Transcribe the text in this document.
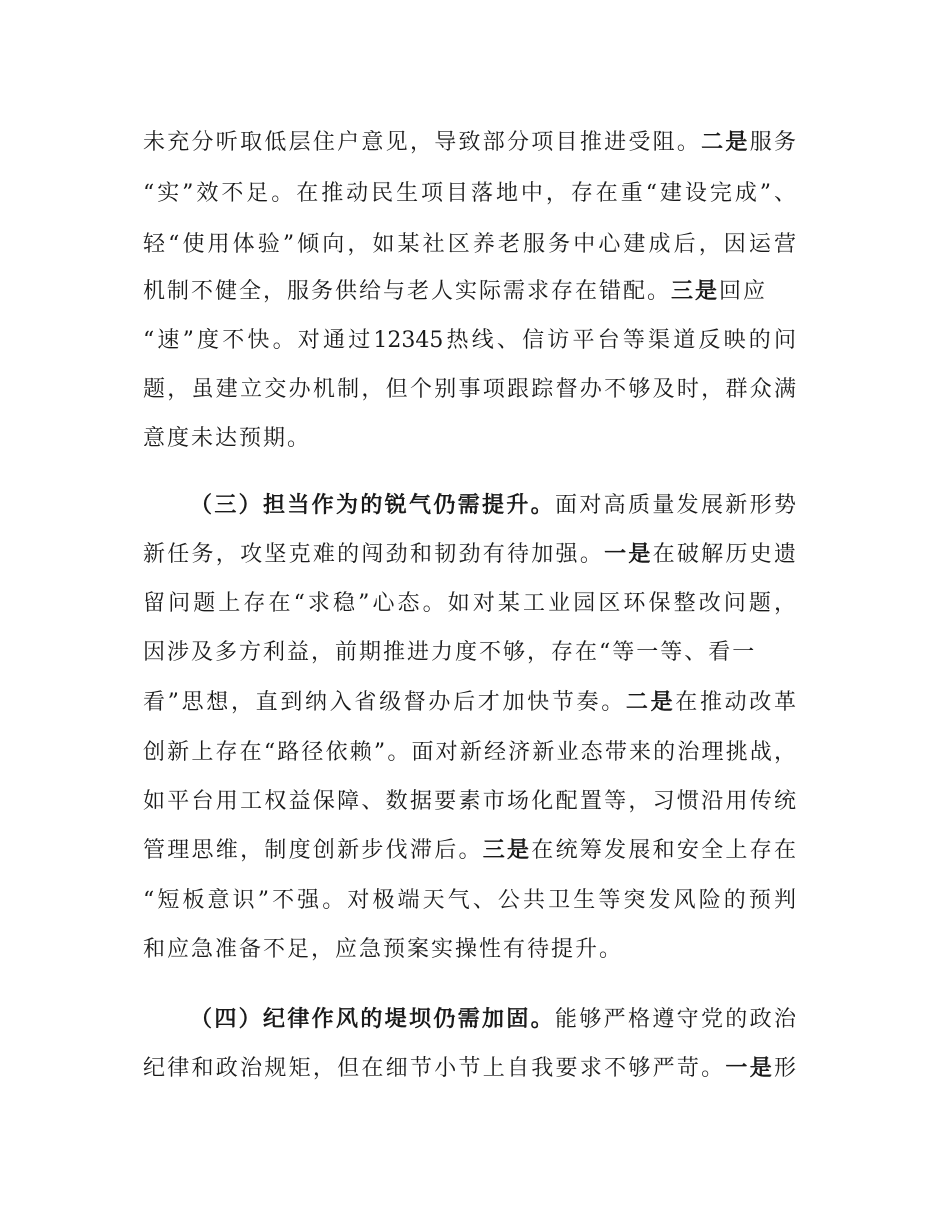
未充分听取低层住户意见，导致部分项目推进受阻。二是服务
“实”效不足。在推动民生项目落地中，存在重“建设完成”、
轻“使用体验”倾向，如某社区养老服务中心建成后，因运营
机制不健全，服务供给与老人实际需求存在错配。三是回应
“速”度不快。对通过12345热线、信访平台等渠道反映的问
题，虽建立交办机制，但个别事项跟踪督办不够及时，群众满
意度未达预期。
（三）担当作为的锐气仍需提升。面对高质量发展新形势
新任务，攻坚克难的闯劲和韧劲有待加强。一是在破解历史遗
留问题上存在“求稳”心态。如对某工业园区环保整改问题，
因涉及多方利益，前期推进力度不够，存在“等一等、看一
看”思想，直到纳入省级督办后才加快节奏。二是在推动改革
创新上存在“路径依赖”。面对新经济新业态带来的治理挑战，
如平台用工权益保障、数据要素市场化配置等，习惯沿用传统
管理思维，制度创新步伐滞后。三是在统筹发展和安全上存在
“短板意识”不强。对极端天气、公共卫生等突发风险的预判
和应急准备不足，应急预案实操性有待提升。
（四）纪律作风的堤坝仍需加固。能够严格遵守党的政治
纪律和政治规矩，但在细节小节上自我要求不够严苛。一是形
